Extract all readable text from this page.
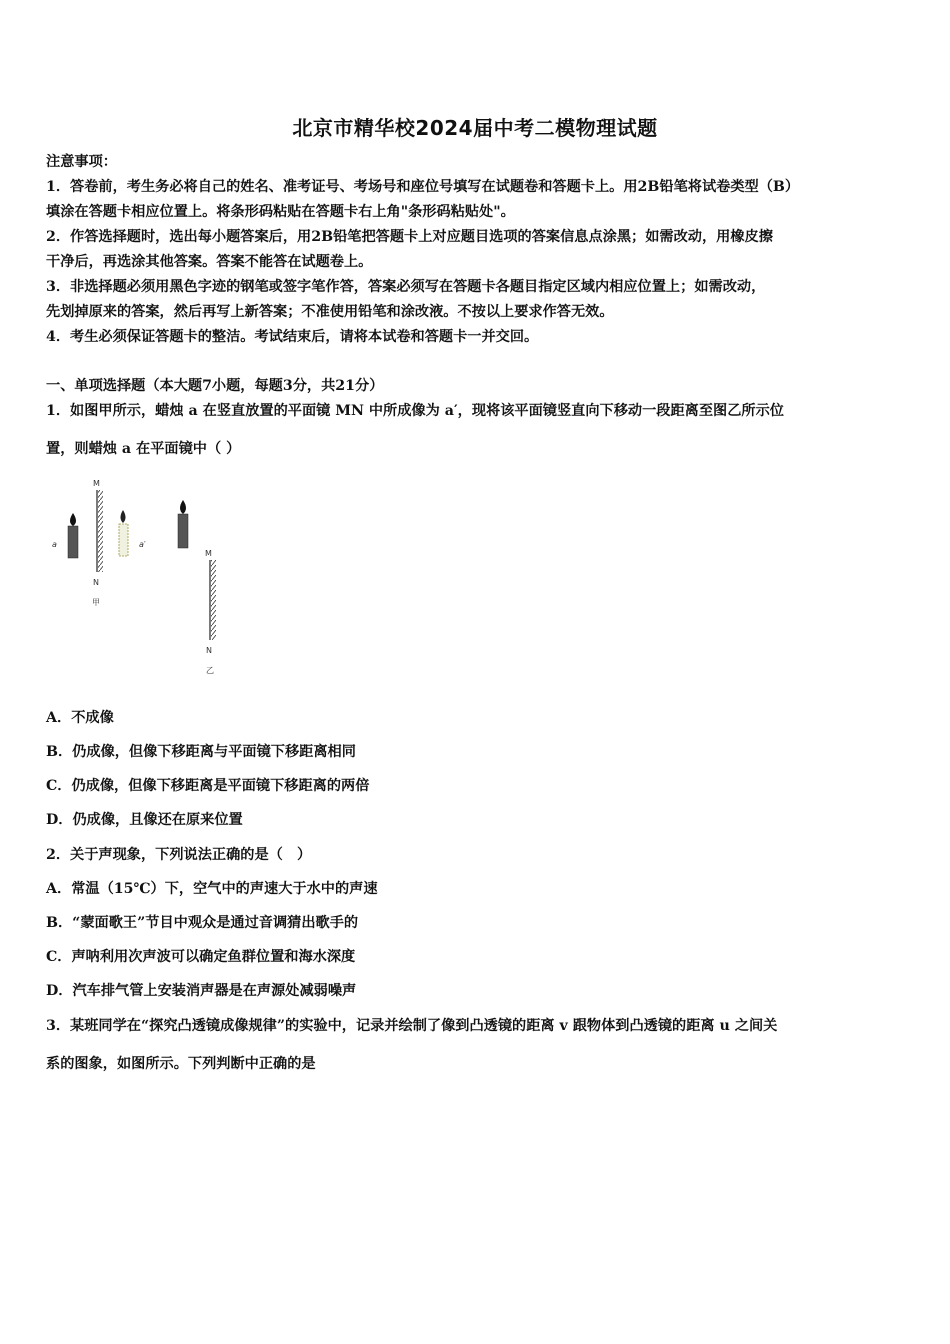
北京市精华校2024届中考二模物理试题
注意事项：
1．答卷前，考生务必将自己的姓名、准考证号、考场号和座位号填写在试题卷和答题卡上。用2B铅笔将试卷类型（B）
填涂在答题卡相应位置上。将条形码粘贴在答题卡右上角"条形码粘贴处"。
2．作答选择题时，选出每小题答案后，用2B铅笔把答题卡上对应题目选项的答案信息点涂黑；如需改动，用橡皮擦
干净后，再选涂其他答案。答案不能答在试题卷上。
3．非选择题必须用黑色字迹的钢笔或签字笔作答，答案必须写在答题卡各题目指定区域内相应位置上；如需改动，
先划掉原来的答案，然后再写上新答案；不准使用铅笔和涂改液。不按以上要求作答无效。
4．考生必须保证答题卡的整洁。考试结束后，请将本试卷和答题卡一并交回。
一、单项选择题（本大题7小题，每题3分，共21分）
1．如图甲所示，蜡烛 a 在竖直放置的平面镜 MN 中所成像为 a′，现将该平面镜竖直向下移动一段距离至图乙所示位
置，则蜡烛 a 在平面镜中（ ）
a
M
N
甲
a′
M
N
乙
A．不成像
B．仍成像，但像下移距离与平面镜下移距离相同
C．仍成像，但像下移距离是平面镜下移距离的两倍
D．仍成像，且像还在原来位置
2．关于声现象，下列说法正确的是（　）
A．常温（15℃）下，空气中的声速大于水中的声速
B．“蒙面歌王”节目中观众是通过音调猜出歌手的
C．声呐利用次声波可以确定鱼群位置和海水深度
D．汽车排气管上安装消声器是在声源处减弱噪声
3．某班同学在“探究凸透镜成像规律”的实验中，记录并绘制了像到凸透镜的距离 v 跟物体到凸透镜的距离 u 之间关
系的图象，如图所示。下列判断中正确的是
